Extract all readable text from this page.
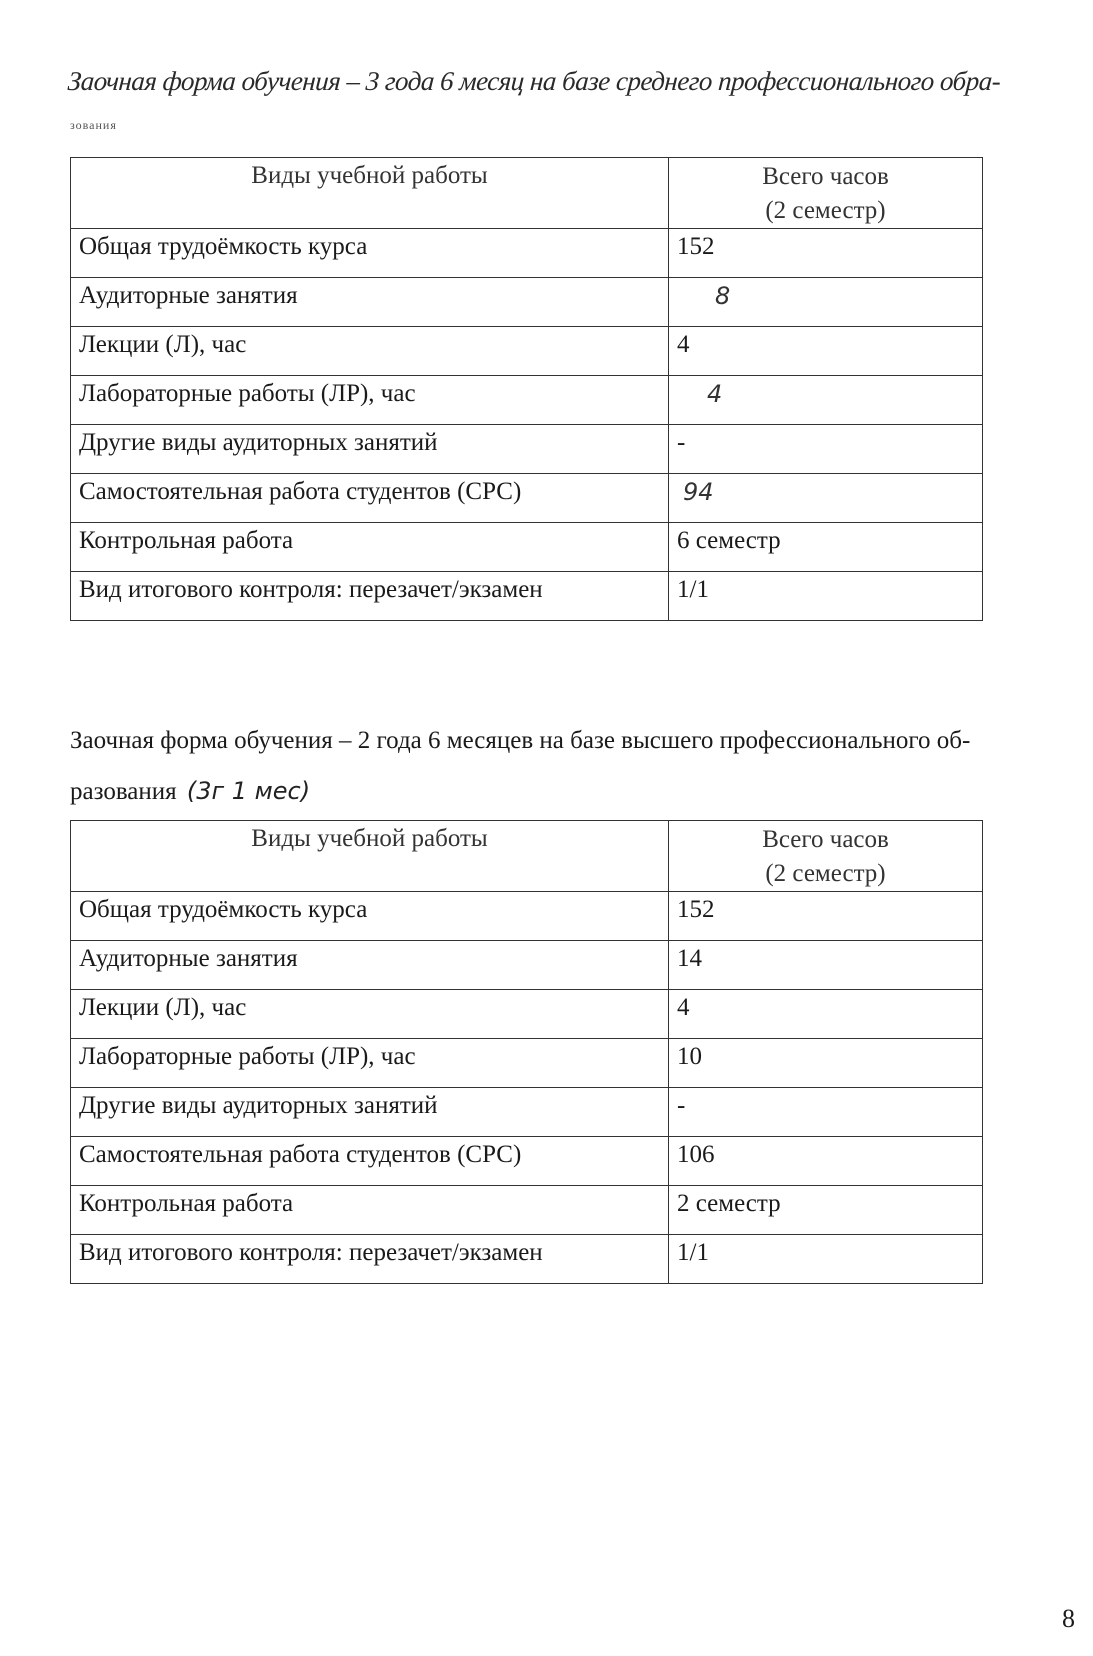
Заочная форма обучения – 3 года 6 месяц на базе среднего профессионального обра-
зования
Виды учебной работы	Всего часов
(2 семестр)
Общая трудоёмкость курса	152
Аудиторные занятия	8
Лекции (Л), час	4
Лабораторные работы (ЛР), час	4
Другие виды аудиторных занятий	-
Самостоятельная работа студентов (СРС)	94
Контрольная работа	6 семестр
Вид итогового контроля: перезачет/экзамен	1/1
Заочная форма обучения – 2 года 6 месяцев на базе высшего профессионального об-
разования (3г 1 мес)
Виды учебной работы	Всего часов
(2 семестр)
Общая трудоёмкость курса	152
Аудиторные занятия	14
Лекции (Л), час	4
Лабораторные работы (ЛР), час	10
Другие виды аудиторных занятий	-
Самостоятельная работа студентов (СРС)	106
Контрольная работа	2 семестр
Вид итогового контроля: перезачет/экзамен	1/1
8
